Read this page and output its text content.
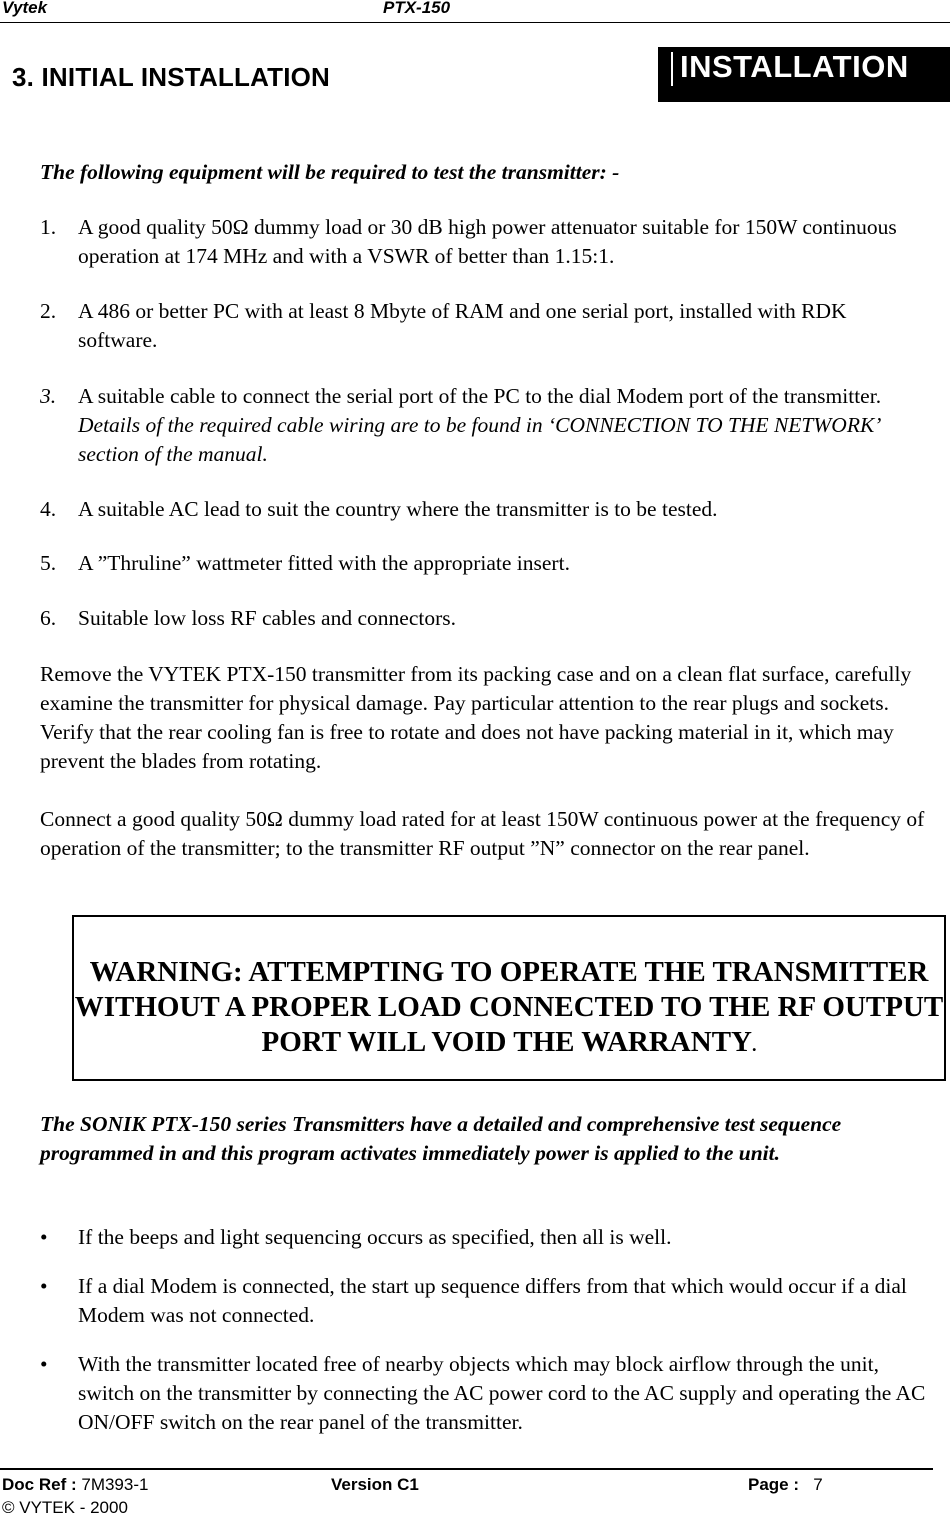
Vytek	PTX-150
3. INITIAL INSTALLATION	INSTALLATION
The following equipment will be required to test the transmitter: -
1. A good quality 50Ω dummy load or 30 dB high power attenuator suitable for 150W continuous operation at 174 MHz and with a VSWR of better than 1.15:1.
2. A 486 or better PC with at least 8 Mbyte of RAM and one serial port, installed with RDK software.
3. A suitable cable to connect the serial port of the PC to the dial Modem port of the transmitter. Details of the required cable wiring are to be found in ‘CONNECTION TO THE NETWORK’ section of the manual.
4. A suitable AC lead to suit the country where the transmitter is to be tested.
5. A ”Thruline” wattmeter fitted with the appropriate insert.
6. Suitable low loss RF cables and connectors.
Remove the VYTEK PTX-150 transmitter from its packing case and on a clean flat surface, carefully examine the transmitter for physical damage. Pay particular attention to the rear plugs and sockets. Verify that the rear cooling fan is free to rotate and does not have packing material in it, which may prevent the blades from rotating.
Connect a good quality 50Ω dummy load rated for at least 150W continuous power at the frequency of operation of the transmitter; to the transmitter RF output ”N” connector on the rear panel.
WARNING: ATTEMPTING TO OPERATE THE TRANSMITTER WITHOUT A PROPER LOAD CONNECTED TO THE RF OUTPUT PORT WILL VOID THE WARRANTY.
The SONIK PTX-150 series Transmitters have a detailed and comprehensive test sequence programmed in and this program activates immediately power is applied to the unit.
• If the beeps and light sequencing occurs as specified, then all is well.
• If a dial Modem is connected, the start up sequence differs from that which would occur if a dial Modem was not connected.
• With the transmitter located free of nearby objects which may block airflow through the unit, switch on the transmitter by connecting the AC power cord to the AC supply and operating the AC ON/OFF switch on the rear panel of the transmitter.
Doc Ref : 7M393-1	Version C1	Page : 7
© VYTEK - 2000
